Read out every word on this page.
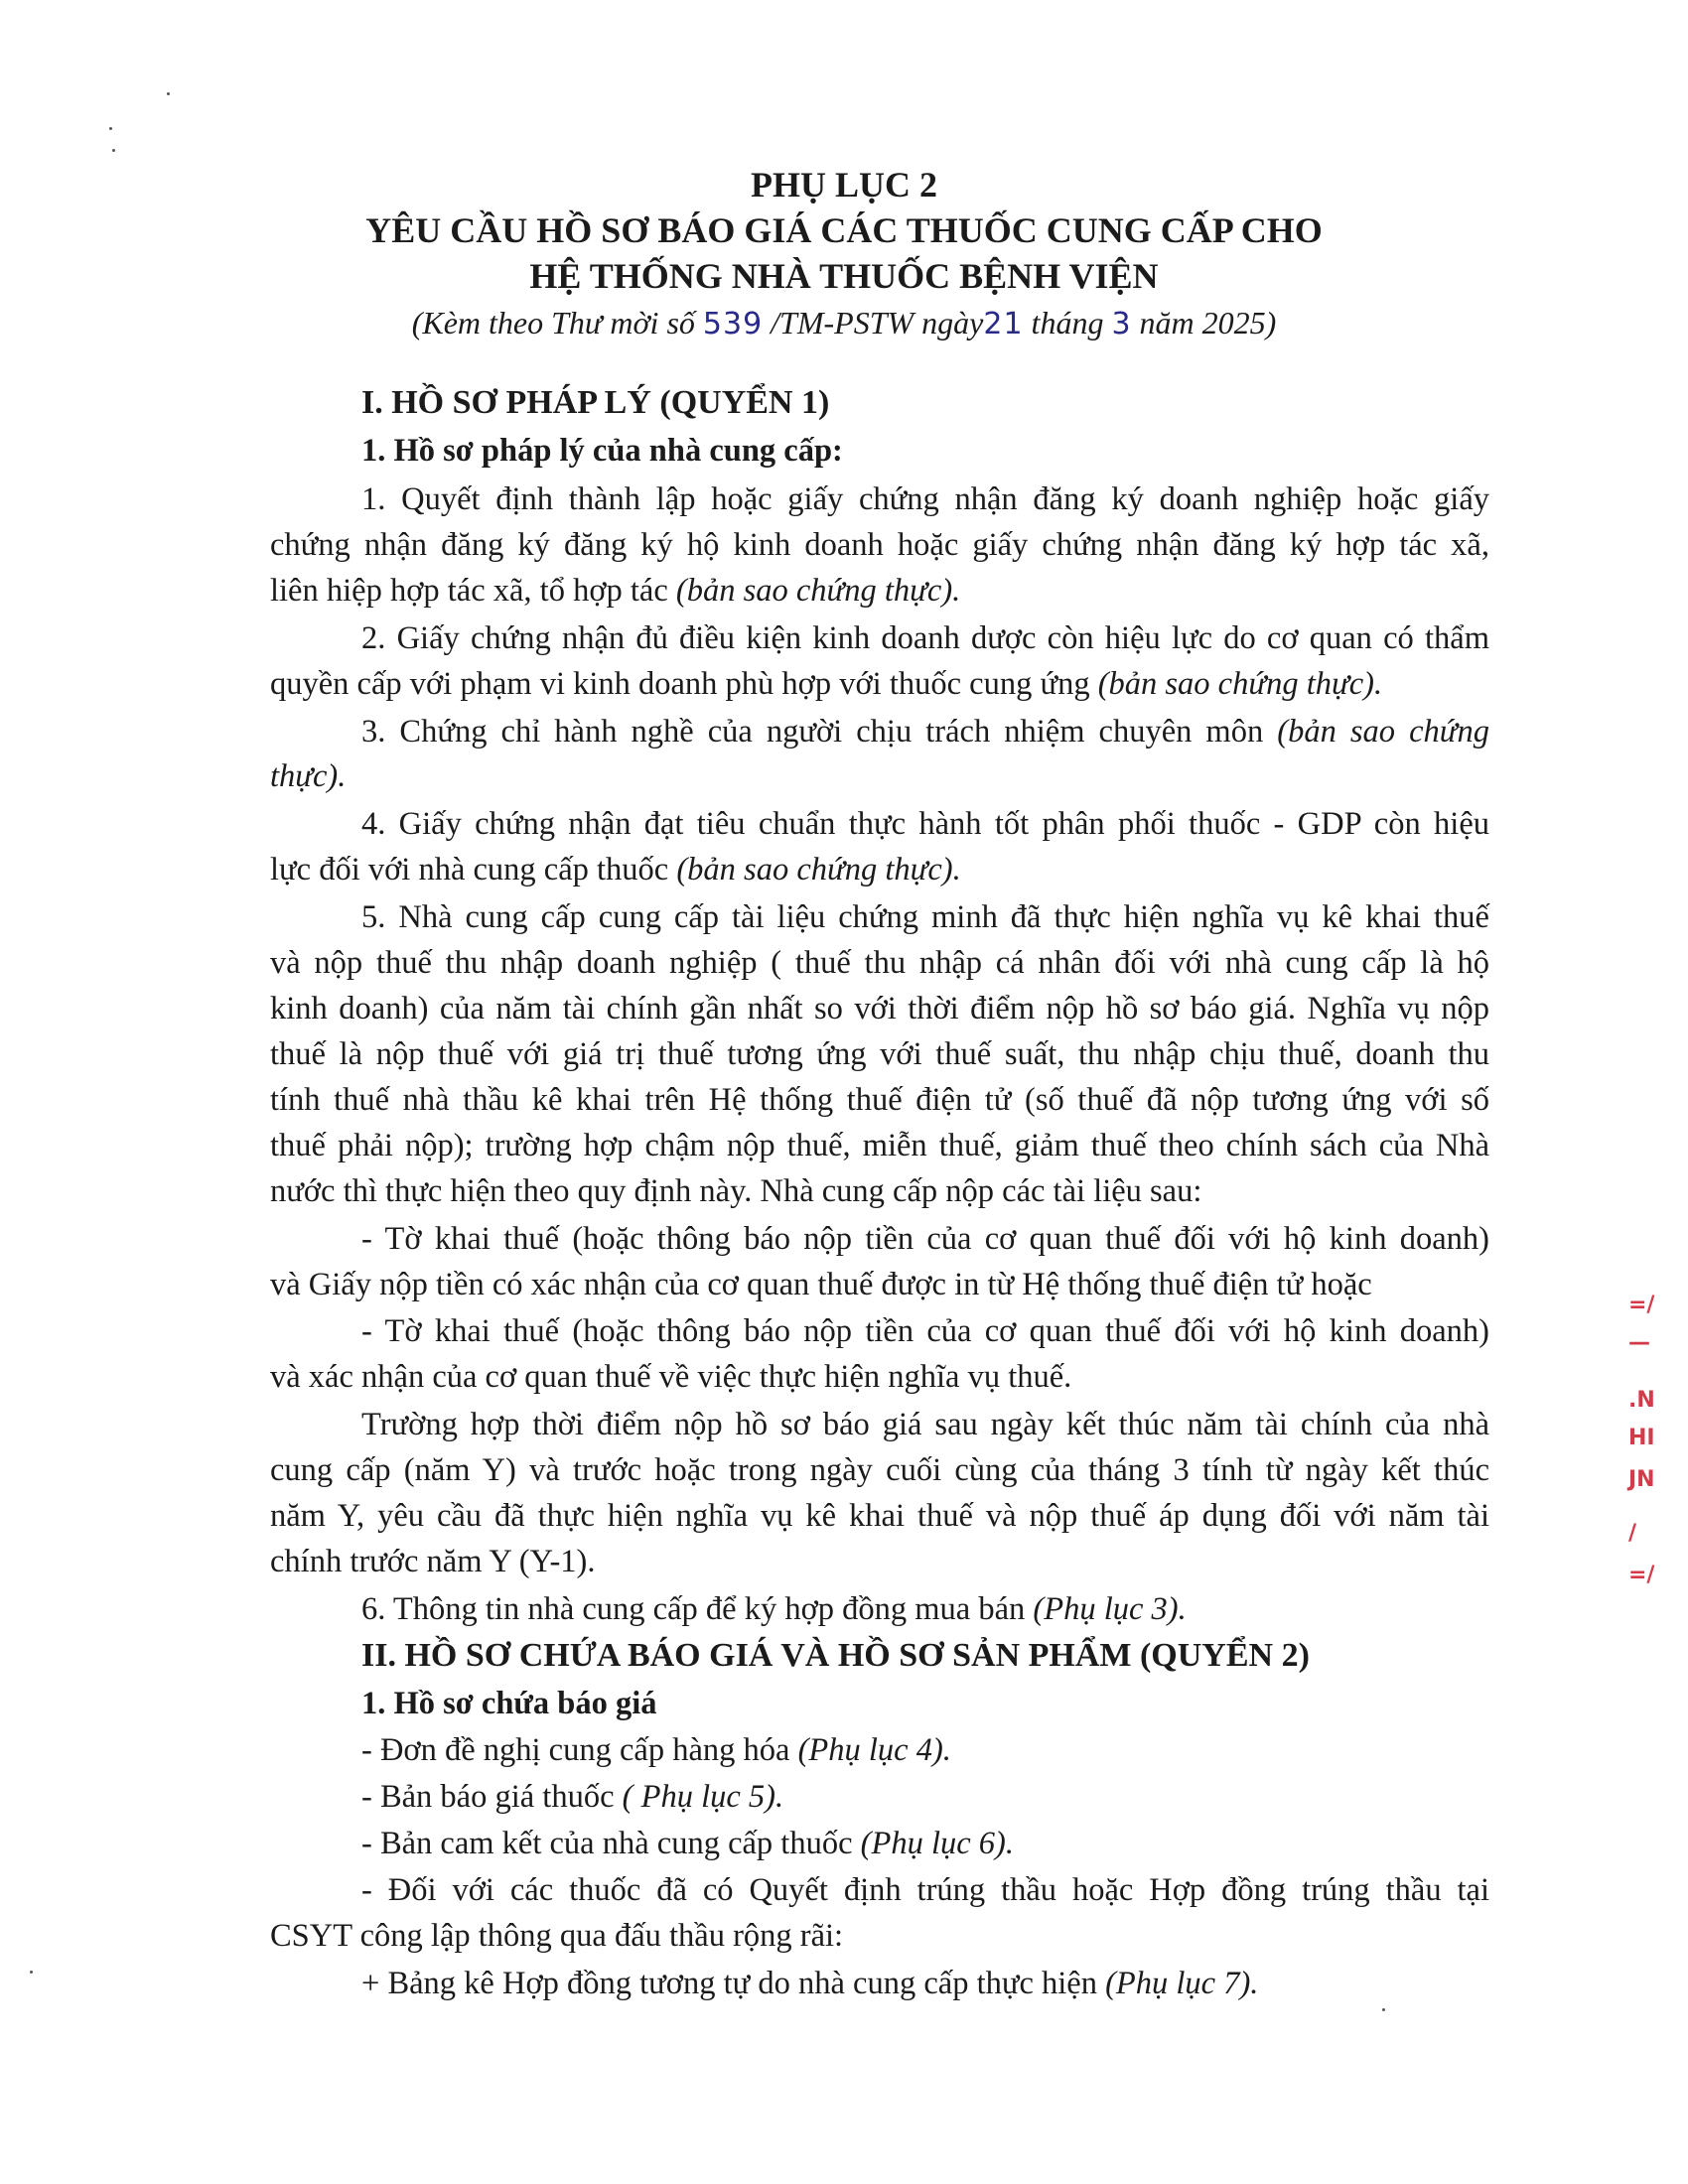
PHỤ LỤC 2
YÊU CẦU HỒ SƠ BÁO GIÁ CÁC THUỐC CUNG CẤP CHO
HỆ THỐNG NHÀ THUỐC BỆNH VIỆN
(Kèm theo Thư mời số 539 /TM-PSTW ngày21 tháng 3 năm 2025)
I. HỒ SƠ PHÁP LÝ (QUYỂN 1)
1. Hồ sơ pháp lý của nhà cung cấp:
1. Quyết định thành lập hoặc giấy chứng nhận đăng ký doanh nghiệp hoặc giấy
chứng nhận đăng ký đăng ký hộ kinh doanh hoặc giấy chứng nhận đăng ký hợp tác xã,
liên hiệp hợp tác xã, tổ hợp tác (bản sao chứng thực).
2. Giấy chứng nhận đủ điều kiện kinh doanh dược còn hiệu lực do cơ quan có thẩm
quyền cấp với phạm vi kinh doanh phù hợp với thuốc cung ứng (bản sao chứng thực).
3. Chứng chỉ hành nghề của người chịu trách nhiệm chuyên môn (bản sao chứng
thực).
4. Giấy chứng nhận đạt tiêu chuẩn thực hành tốt phân phối thuốc - GDP còn hiệu
lực đối với nhà cung cấp thuốc (bản sao chứng thực).
5. Nhà cung cấp cung cấp tài liệu chứng minh đã thực hiện nghĩa vụ kê khai thuế
và nộp thuế thu nhập doanh nghiệp ( thuế thu nhập cá nhân đối với nhà cung cấp là hộ
kinh doanh) của năm tài chính gần nhất so với thời điểm nộp hồ sơ báo giá. Nghĩa vụ nộp
thuế là nộp thuế với giá trị thuế tương ứng với thuế suất, thu nhập chịu thuế, doanh thu
tính thuế nhà thầu kê khai trên Hệ thống thuế điện tử (số thuế đã nộp tương ứng với số
thuế phải nộp); trường hợp chậm nộp thuế, miễn thuế, giảm thuế theo chính sách của Nhà
nước thì thực hiện theo quy định này. Nhà cung cấp nộp các tài liệu sau:
- Tờ khai thuế (hoặc thông báo nộp tiền của cơ quan thuế đối với hộ kinh doanh)
và Giấy nộp tiền có xác nhận của cơ quan thuế được in từ Hệ thống thuế điện tử hoặc
- Tờ khai thuế (hoặc thông báo nộp tiền của cơ quan thuế đối với hộ kinh doanh)
và xác nhận của cơ quan thuế về việc thực hiện nghĩa vụ thuế.
Trường hợp thời điểm nộp hồ sơ báo giá sau ngày kết thúc năm tài chính của nhà
cung cấp (năm Y) và trước hoặc trong ngày cuối cùng của tháng 3 tính từ ngày kết thúc
năm Y, yêu cầu đã thực hiện nghĩa vụ kê khai thuế và nộp thuế áp dụng đối với năm tài
chính trước năm Y (Y-1).
6. Thông tin nhà cung cấp để ký hợp đồng mua bán (Phụ lục 3).
II. HỒ SƠ CHỨA BÁO GIÁ VÀ HỒ SƠ SẢN PHẨM (QUYỂN 2)
1. Hồ sơ chứa báo giá
- Đơn đề nghị cung cấp hàng hóa (Phụ lục 4).
- Bản báo giá thuốc ( Phụ lục 5).
- Bản cam kết của nhà cung cấp thuốc (Phụ lục 6).
- Đối với các thuốc đã có Quyết định trúng thầu hoặc Hợp đồng trúng thầu tại
CSYT công lập thông qua đấu thầu rộng rãi:
+ Bảng kê Hợp đồng tương tự do nhà cung cấp thực hiện (Phụ lục 7).
=/
—
.N
HI
JN
/
=/
